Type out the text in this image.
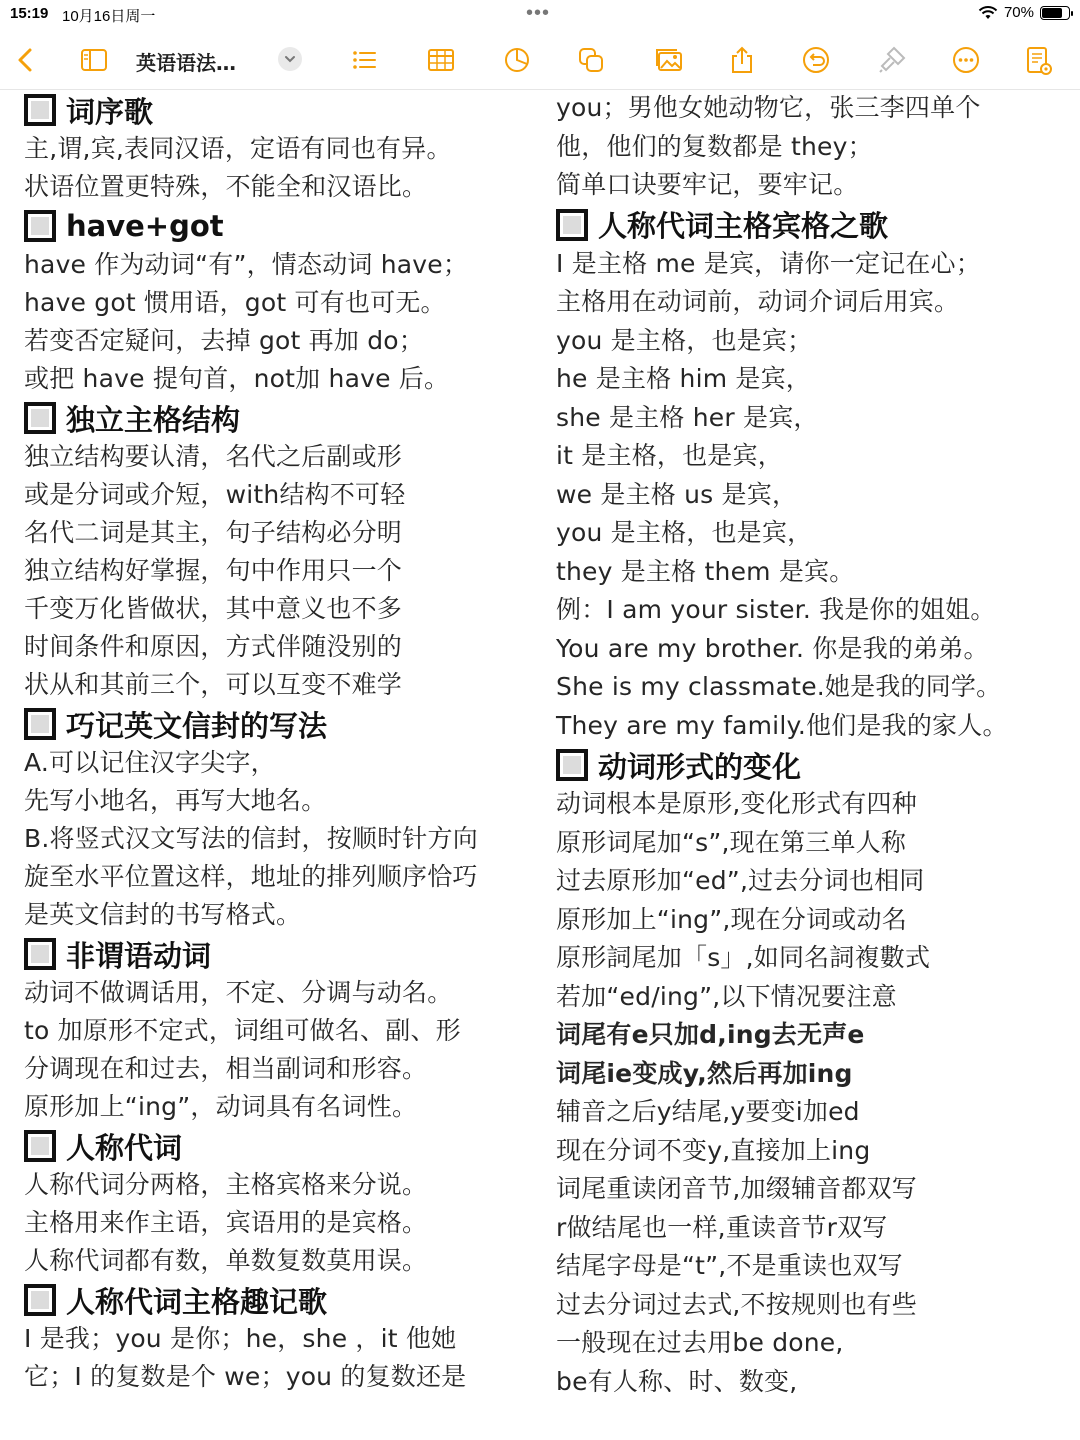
15:19 10月16日周一	•••	70%
英语语法…
词序歌
主,谓,宾,表同汉语，定语有同也有异。
状语位置更特殊，不能全和汉语比。
have+got
have 作为动词“有”，情态动词 have；
have got 惯用语，got 可有也可无。
若变否定疑问，去掉 got 再加 do；
或把 have 提句首，not加 have 后。
独立主格结构
独立结构要认清，名代之后副或形
或是分词或介短，with结构不可轻
名代二词是其主，句子结构必分明
独立结构好掌握，句中作用只一个
千变万化皆做状，其中意义也不多
时间条件和原因，方式伴随没别的
状从和其前三个，可以互变不难学
巧记英文信封的写法
A.可以记住汉字尖字，
先写小地名，再写大地名。
B.将竖式汉文写法的信封，按顺时针方向
旋至水平位置这样，地址的排列顺序恰巧
是英文信封的书写格式。
非谓语动词
动词不做调话用，不定、分调与动名。
to 加原形不定式，词组可做名、副、形
分调现在和过去，相当副词和形容。
原形加上“ing”，动词具有名词性。
人称代词
人称代词分两格，主格宾格来分说。
主格用来作主语，宾语用的是宾格。
人称代词都有数，单数复数莫用误。
人称代词主格趣记歌
I 是我；you 是你；he，she ，it 他她
它；I 的复数是个 we；you 的复数还是
you；男他女她动物它，张三李四单个
他，他们的复数都是 they；
简单口诀要牢记，要牢记。
人称代词主格宾格之歌
I 是主格 me 是宾，请你一定记在心；
主格用在动词前，动词介词后用宾。
you 是主格，也是宾；
he 是主格 him 是宾，
she 是主格 her 是宾，
it 是主格，也是宾，
we 是主格 us 是宾，
you 是主格，也是宾，
they 是主格 them 是宾。
例：I am your sister. 我是你的姐姐。
You are my brother. 你是我的弟弟。
She is my classmate.她是我的同学。
They are my family.他们是我的家人。
动词形式的变化
动词根本是原形,变化形式有四种
原形词尾加“s”,现在第三单人称
过去原形加“ed”,过去分词也相同
原形加上“ing”,现在分词或动名
原形詞尾加「s」,如同名詞複數式
若加“ed/ing”,以下情况要注意
词尾有e只加d,ing去无声e
词尾ie变成y,然后再加ing
辅音之后y结尾,y要变i加ed
现在分词不变y,直接加上ing
词尾重读闭音节,加缀辅音都双写
r做结尾也一样,重读音节r双写
结尾字母是“t”,不是重读也双写
过去分词过去式,不按规则也有些
一般现在过去用be done,
be有人称、时、数变,
